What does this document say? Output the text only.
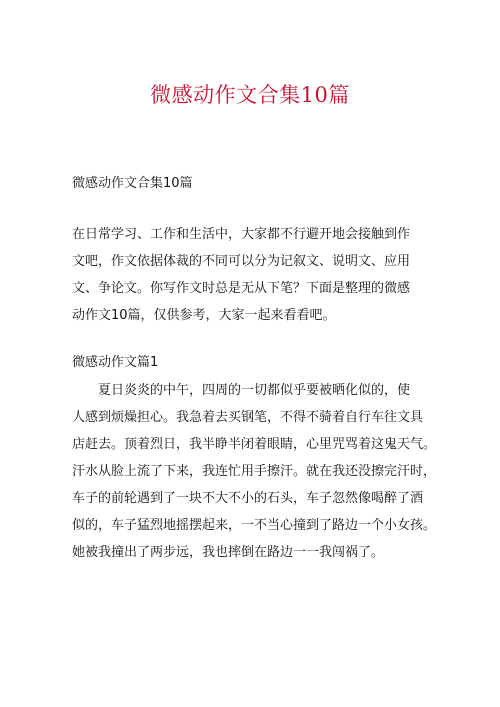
微感动作文合集10篇
微感动作文合集10篇
在日常学习、工作和生活中，大家都不行避开地会接触到作
文吧，作文依据体裁的不同可以分为记叙文、说明文、应用
文、争论文。你写作文时总是无从下笔？下面是整理的微感
动作文10篇，仅供参考，大家一起来看看吧。
微感动作文篇1
夏日炎炎的中午，四周的一切都似乎要被晒化似的，使
人感到烦燥担心。我急着去买钢笔，不得不骑着自行车往文具
店赶去。顶着烈日，我半睁半闭着眼睛，心里咒骂着这鬼天气。
汗水从脸上流了下来，我连忙用手擦汗。就在我还没擦完汗时，
车子的前轮遇到了一块不大不小的石头，车子忽然像喝醉了酒
似的，车子猛烈地摇摆起来，一不当心撞到了路边一个小女孩。
她被我撞出了两步远，我也摔倒在路边一一我闯祸了。
